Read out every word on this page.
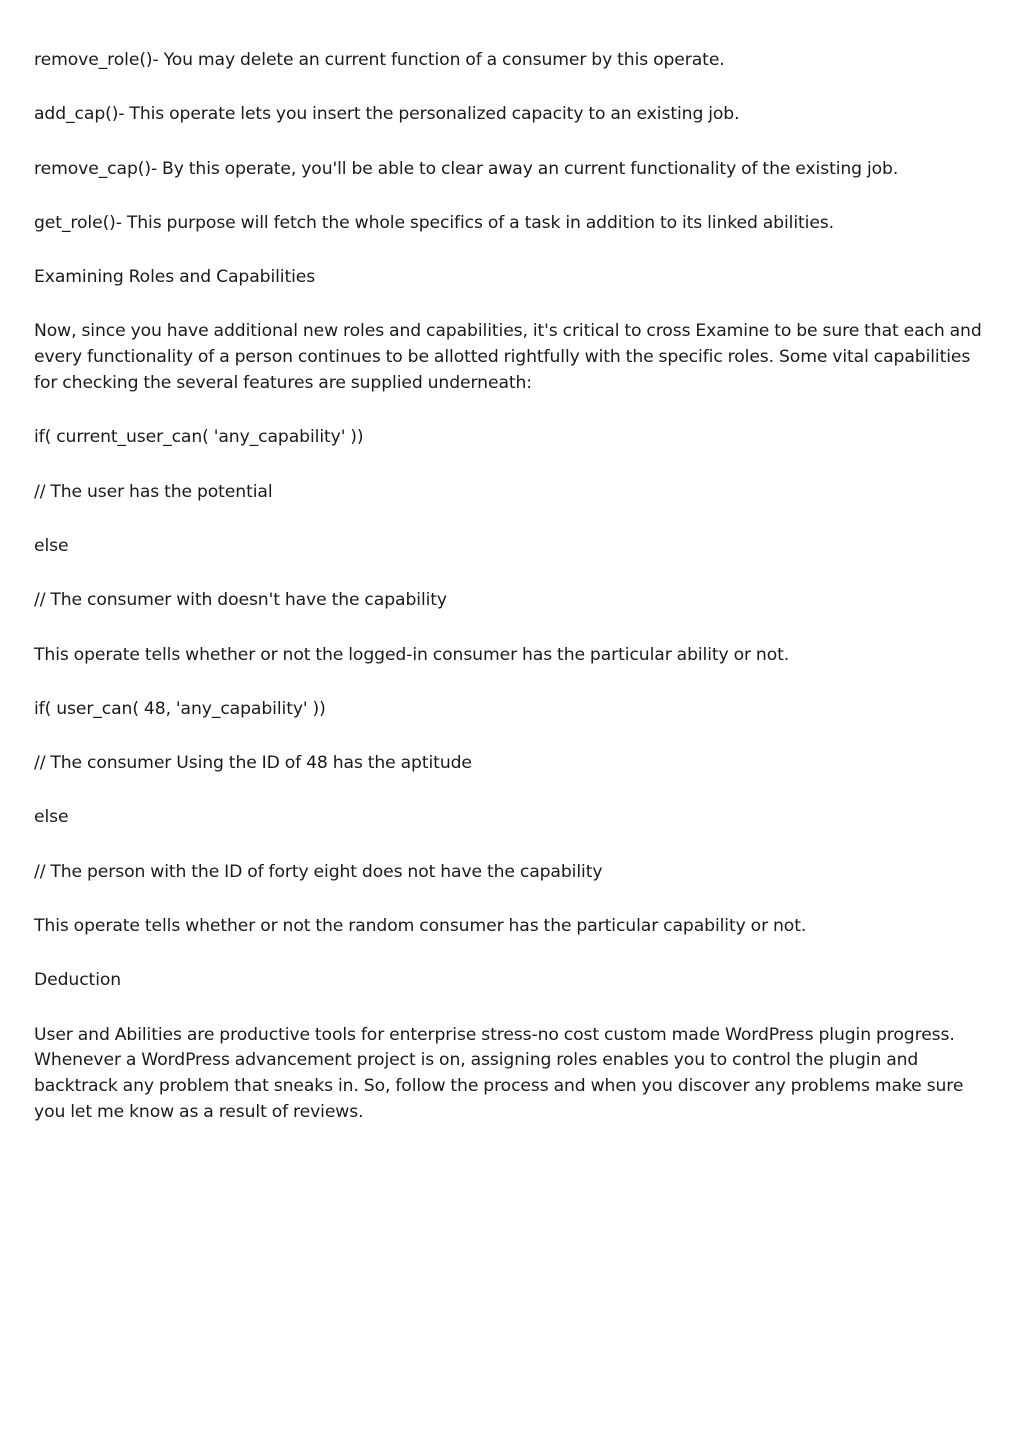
remove_role()- You may delete an current function of a consumer by this operate.

add_cap()- This operate lets you insert the personalized capacity to an existing job.

remove_cap()- By this operate, you'll be able to clear away an current functionality of the existing job.

get_role()- This purpose will fetch the whole specifics of a task in addition to its linked abilities.

Examining Roles and Capabilities

Now, since you have additional new roles and capabilities, it's critical to cross Examine to be sure that each and every functionality of a person continues to be allotted rightfully with the specific roles. Some vital capabilities for checking the several features are supplied underneath:

if( current_user_can( 'any_capability' ))

// The user has the potential

else

// The consumer with doesn't have the capability

This operate tells whether or not the logged-in consumer has the particular ability or not.

if( user_can( 48, 'any_capability' ))

// The consumer Using the ID of 48 has the aptitude

else

// The person with the ID of forty eight does not have the capability

This operate tells whether or not the random consumer has the particular capability or not.

Deduction

User and Abilities are productive tools for enterprise stress-no cost custom made WordPress plugin progress. Whenever a WordPress advancement project is on, assigning roles enables you to control the plugin and backtrack any problem that sneaks in. So, follow the process and when you discover any problems make sure you let me know as a result of reviews.
